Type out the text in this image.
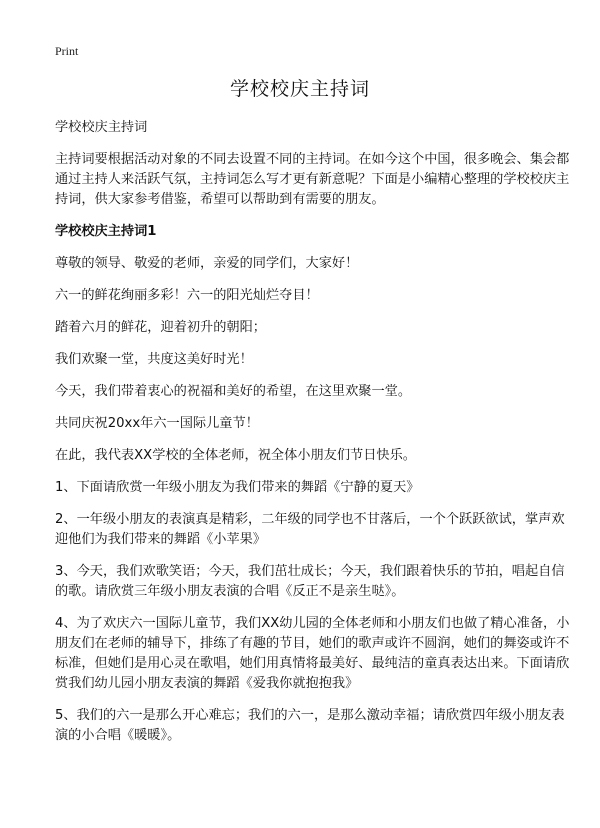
Print
学校校庆主持词

学校校庆主持词

主持词要根据活动对象的不同去设置不同的主持词。在如今这个中国，很多晚会、集会都通过主持人来活跃气氛，主持词怎么写才更有新意呢？下面是小编精心整理的学校校庆主持词，供大家参考借鉴，希望可以帮助到有需要的朋友。

学校校庆主持词1

尊敬的领导、敬爱的老师，亲爱的同学们，大家好！

六一的鲜花绚丽多彩！六一的阳光灿烂夺目！

踏着六月的鲜花，迎着初升的朝阳；

我们欢聚一堂，共度这美好时光！

今天，我们带着衷心的祝福和美好的希望，在这里欢聚一堂。

共同庆祝20xx年六一国际儿童节！

在此，我代表XX学校的全体老师，祝全体小朋友们节日快乐。

1、下面请欣赏一年级小朋友为我们带来的舞蹈《宁静的夏天》

2、一年级小朋友的表演真是精彩，二年级的同学也不甘落后，一个个跃跃欲试，掌声欢迎他们为我们带来的舞蹈《小苹果》

3、今天，我们欢歌笑语；今天，我们茁壮成长；今天，我们跟着快乐的节拍，唱起自信的歌。请欣赏三年级小朋友表演的合唱《反正不是亲生哒》。

4、为了欢庆六一国际儿童节，我们XX幼儿园的全体老师和小朋友们也做了精心准备，小朋友们在老师的辅导下，排练了有趣的节目，她们的歌声或许不圆润，她们的舞姿或许不标准，但她们是用心灵在歌唱，她们用真情将最美好、最纯洁的童真表达出来。下面请欣赏我们幼儿园小朋友表演的舞蹈《爱我你就抱抱我》

5、我们的六一是那么开心难忘；我们的六一，是那么激动幸福；请欣赏四年级小朋友表演的小合唱《暖暖》。
